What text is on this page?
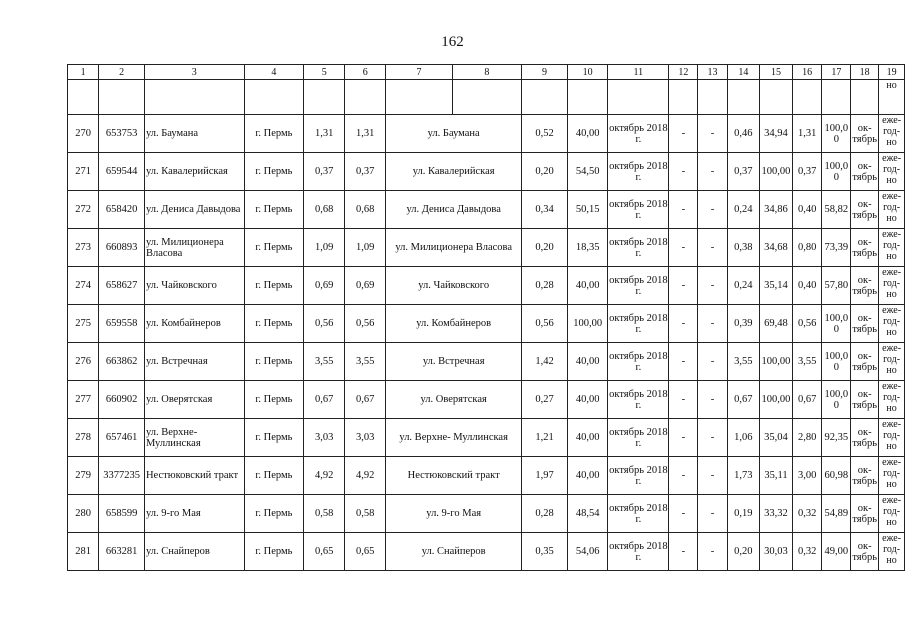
162
1	2	3	4	5	6	7	8	9	10	11	12	13	14	15	16	17	18	19
																		но
270	653753	ул. Баумана	г. Пермь	1,31	1,31	ул. Баумана		0,52	40,00	октябрь 2018 г.	-	-	0,46	34,94	1,31	100,0 0	ок- тябрь	еже- год- но
271	659544	ул. Кавалерийская	г. Пермь	0,37	0,37	ул. Кавалерийская		0,20	54,50	октябрь 2018 г.	-	-	0,37	100,00	0,37	100,0 0	ок- тябрь	еже- год- но
272	658420	ул. Дениса Давыдова	г. Пермь	0,68	0,68	ул. Дениса Давыдова		0,34	50,15	октябрь 2018 г.	-	-	0,24	34,86	0,40	58,82	ок- тябрь	еже- год- но
273	660893	ул. Милиционера Власова	г. Пермь	1,09	1,09	ул. Милиционера Власова		0,20	18,35	октябрь 2018 г.	-	-	0,38	34,68	0,80	73,39	ок- тябрь	еже- год- но
274	658627	ул. Чайковского	г. Пермь	0,69	0,69	ул. Чайковского		0,28	40,00	октябрь 2018 г.	-	-	0,24	35,14	0,40	57,80	ок- тябрь	еже- год- но
275	659558	ул. Комбайнеров	г. Пермь	0,56	0,56	ул. Комбайнеров		0,56	100,00	октябрь 2018 г.	-	-	0,39	69,48	0,56	100,0 0	ок- тябрь	еже- год- но
276	663862	ул. Встречная	г. Пермь	3,55	3,55	ул. Встречная		1,42	40,00	октябрь 2018 г.	-	-	3,55	100,00	3,55	100,0 0	ок- тябрь	еже- год- но
277	660902	ул. Оверятская	г. Пермь	0,67	0,67	ул. Оверятская		0,27	40,00	октябрь 2018 г.	-	-	0,67	100,00	0,67	100,0 0	ок- тябрь	еже- год- но
278	657461	ул. Верхне- Муллинская	г. Пермь	3,03	3,03	ул. Верхне- Муллинская		1,21	40,00	октябрь 2018 г.	-	-	1,06	35,04	2,80	92,35	ок- тябрь	еже- год- но
279	3377235	Нестюковский тракт	г. Пермь	4,92	4,92	Нестюковский тракт		1,97	40,00	октябрь 2018 г.	-	-	1,73	35,11	3,00	60,98	ок- тябрь	еже- год- но
280	658599	ул. 9-го Мая	г. Пермь	0,58	0,58	ул. 9-го Мая		0,28	48,54	октябрь 2018 г.	-	-	0,19	33,32	0,32	54,89	ок- тябрь	еже- год- но
281	663281	ул. Снайперов	г. Пермь	0,65	0,65	ул. Снайперов		0,35	54,06	октябрь 2018 г.	-	-	0,20	30,03	0,32	49,00	ок- тябрь	еже- год- но
